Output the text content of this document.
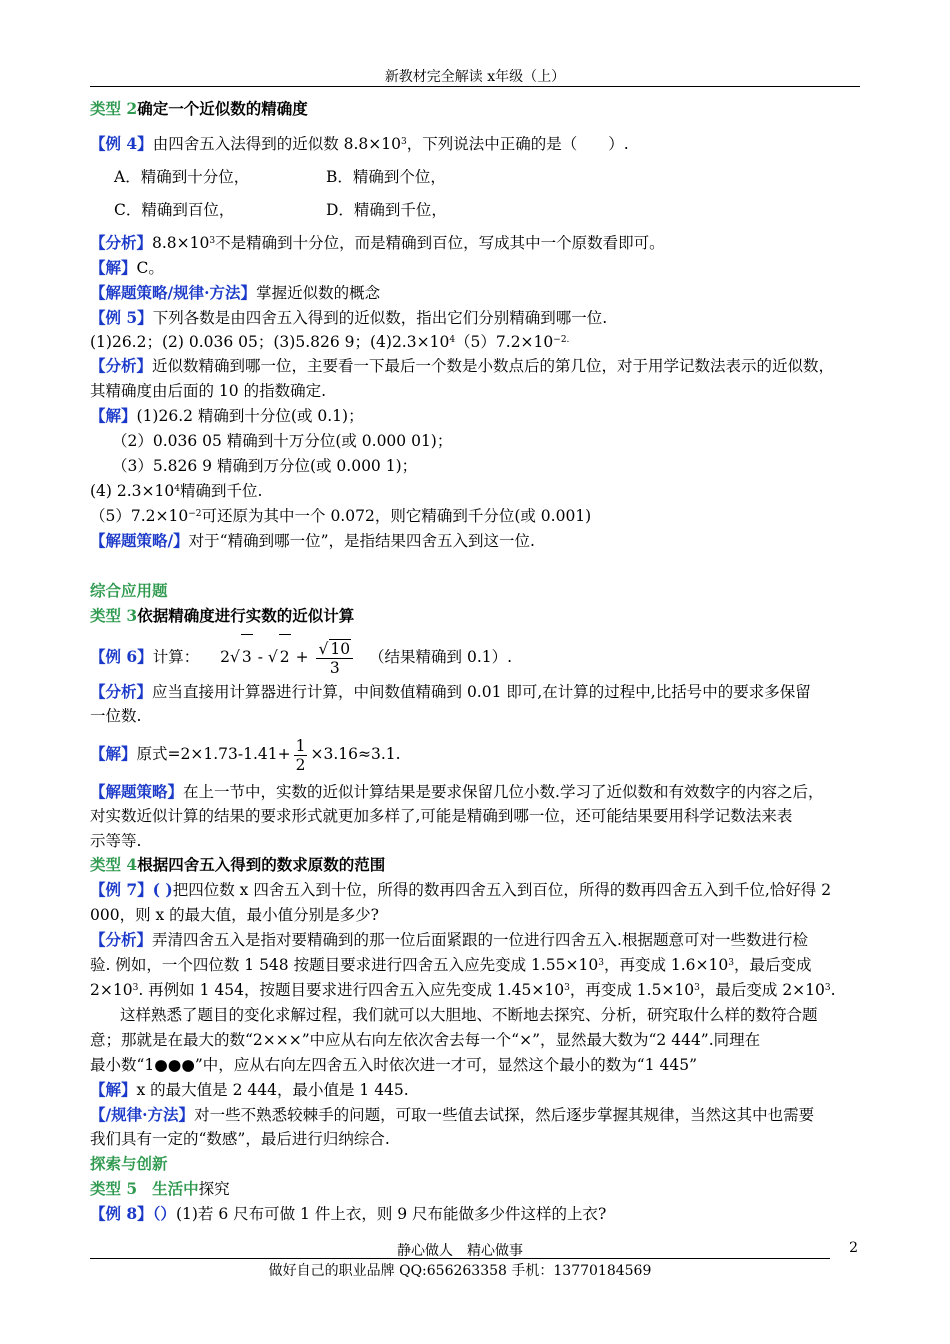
新教材完全解读 x年级（上）
类型 2确定一个近似数的精确度
【例 4】由四舍五入法得到的近似数 $8.8\times 10^3$，下列说法中正确的是（　　）.
A．精确到十分位，	B．精确到个位，
C．精确到百位，	D．精确到千位，
【分析】$8.8\times 10^3$不是精确到十分位，而是精确到百位，写成其中一个原数看即可。
【解】C。
【解题策略/规律·方法】掌握近似数的概念
【例 5】下列各数是由四舍五入得到的近似数，指出它们分别精确到哪一位.
(1)26.2；(2) 0.036 05；(3)5.826 9；$(4)2.3\times 10^4(5)7.2\times 10^{-2.}$
【分析】近似数精确到哪一位，主要看一下最后一个数是小数点后的第几位，对于用学记数法表示的近似数，
其精确度由后面的 10 的指数确定.
【解】(1)26.2 精确到十分位(或 0.1)；
（2）0.036 05 精确到十万分位(或 0.000 01)；
（3）5.826 9 精确到万分位(或 0.000 1)；
(4) $2.3\times 10^4$精确到千位.
$(5)7.2\times 10^{-2}$可还原为其中一个 0.072，则它精确到千分位(或 0.001)
【解题策略/】对于“精确到哪一位”，是指结果四舍五入到这一位.
综合应用题
类型 3依据精确度进行实数的近似计算
【例 6】计算： 2√ 3 - √ $2 + \frac{√ 10}{3}$ （结果精确到 0.1）.
【分析】应当直接用计算器进行计算，中间数值精确到 0.01 即可,在计算的过程中,比括号中的要求多保留
一位数.
【解】原式$=2\times 1.73-1.41+ \frac{1}{2} \times 3.16\approx 3.1$.
【解题策略】在上一节中，实数的近似计算结果是要求保留几位小数.学习了近似数和有效数字的内容之后，
对实数近似计算的结果的要求形式就更加多样了,可能是精确到哪一位，还可能结果要用科学记数法来表
示等等.
类型 4根据四舍五入得到的数求原数的范围
【例 7】( )把四位数 x 四舍五入到十位，所得的数再四舍五入到百位，所得的数再四舍五入到千位,恰好得 2
000，则 x 的最大值，最小值分别是多少?
【分析】弄清四舍五入是指对要精确到的那一位后面紧跟的一位进行四舍五入.根据题意可对一些数进行检
验. 例如，一个四位数 1 548 按题目要求进行四舍五入应先变成 $1.55\times 10^3$，再变成 $1.6\times 10^3$，最后变成
$2\times 10^3$. 再例如 1 454，按题目要求进行四舍五入应先变成 $1.45\times 10^3$，再变成 $1.5\times 10^3$，最后变成 $2\times 10^3$.
这样熟悉了题目的变化求解过程，我们就可以大胆地、不断地去探究、分析，研究取什么样的数符合题
意；那就是在最大的数“2×××”中应从右向左依次舍去每一个“×”，显然最大数为“2 444”.同理在
最小数“1●●●”中，应从右向左四舍五入时依次进一才可，显然这个最小的数为“1 445”
【解】x 的最大值是 2 444，最小值是 1 445.
【/规律·方法】对一些不熟悉较棘手的问题，可取一些值去试探，然后逐步掌握其规律，当然这其中也需要
我们具有一定的“数感”，最后进行归纳综合.
探索与创新
类型 5 生活中探究
【例 8】（）(1)若 6 尺布可做 1 件上衣，则 9 尺布能做多少件这样的上衣?
静心做人　精心做事	2
做好自己的职业品牌 QQ:656263358 手机：13770184569
